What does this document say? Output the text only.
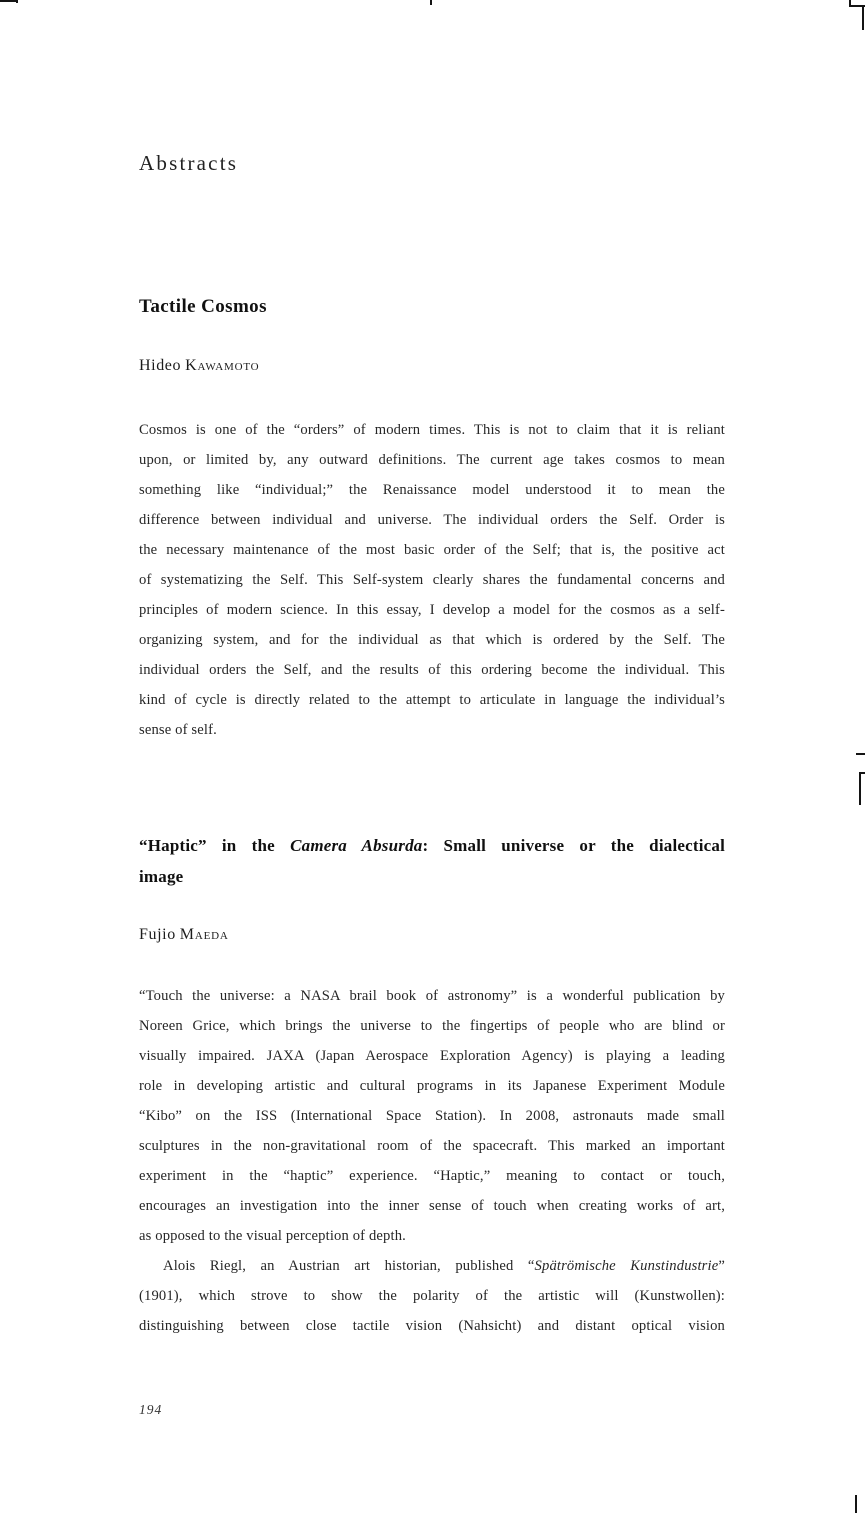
Abstracts
Tactile Cosmos
Hideo Kawamoto
Cosmos is one of the “orders” of modern times. This is not to claim that it is reliant
upon, or limited by, any outward definitions. The current age takes cosmos to mean
something like “individual;” the Renaissance model understood it to mean the
difference between individual and universe. The individual orders the Self. Order is
the necessary maintenance of the most basic order of the Self; that is, the positive act
of systematizing the Self. This Self-system clearly shares the fundamental concerns and
principles of modern science. In this essay, I develop a model for the cosmos as a self-
organizing system, and for the individual as that which is ordered by the Self. The
individual orders the Self, and the results of this ordering become the individual. This
kind of cycle is directly related to the attempt to articulate in language the individual’s
sense of self.
“Haptic” in the Camera Absurda: Small universe or the dialectical
image
Fujio Maeda
“Touch the universe: a NASA brail book of astronomy” is a wonderful publication by
Noreen Grice, which brings the universe to the fingertips of people who are blind or
visually impaired. JAXA (Japan Aerospace Exploration Agency) is playing a leading
role in developing artistic and cultural programs in its Japanese Experiment Module
“Kibo” on the ISS (International Space Station). In 2008, astronauts made small
sculptures in the non-gravitational room of the spacecraft. This marked an important
experiment in the “haptic” experience. “Haptic,” meaning to contact or touch,
encourages an investigation into the inner sense of touch when creating works of art,
as opposed to the visual perception of depth.
Alois Riegl, an Austrian art historian, published “Spätrömische Kunstindustrie”
(1901), which strove to show the polarity of the artistic will (Kunstwollen):
distinguishing between close tactile vision (Nahsicht) and distant optical vision
194
